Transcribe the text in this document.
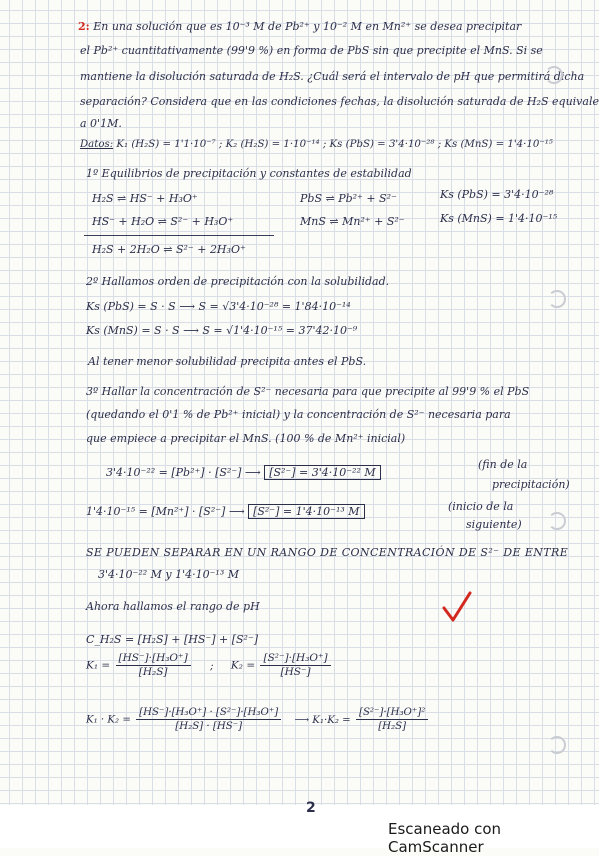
2: En una solución que es 10⁻³ M de Pb²⁺ y 10⁻² M en Mn²⁺ se desea precipitar
el Pb²⁺ cuantitativamente (99'9 %) en forma de PbS sin que precipite el MnS. Si se
mantiene la disolución saturada de H₂S. ¿Cuál será el intervalo de pH que permitirá dicha
separación? Considera que en las condiciones fechas, la disolución saturada de H₂S equivale
a 0'1M.
Datos: K₁ (H₂S) = 1'1·10⁻⁷ ; K₂ (H₂S) = 1·10⁻¹⁴ ; Ks (PbS) = 3'4·10⁻²⁸ ; Ks (MnS) = 1'4·10⁻¹⁵
1º Equilibrios de precipitación y constantes de estabilidad
H₂S ⇌ HS⁻ + H₃O⁺
HS⁻ + H₂O ⇌ S²⁻ + H₃O⁺
H₂S + 2H₂O ⇌ S²⁻ + 2H₃O⁺
PbS ⇌ Pb²⁺ + S²⁻
MnS ⇌ Mn²⁺ + S²⁻
Ks (PbS) = 3'4·10⁻²⁸
Ks (MnS) = 1'4·10⁻¹⁵
2º Hallamos orden de precipitación con la solubilidad.
Ks (PbS) = S · S ⟶ S = √3'4·10⁻²⁸ = 1'84·10⁻¹⁴
Ks (MnS) = S · S ⟶ S = √1'4·10⁻¹⁵ = 37'42·10⁻⁹
Al tener menor solubilidad precipita antes el PbS.
3º Hallar la concentración de S²⁻ necesaria para que precipite al 99'9 % el PbS
(quedando el 0'1 % de Pb²⁺ inicial) y la concentración de S²⁻ necesaria para
que empiece a precipitar el MnS. (100 % de Mn²⁺ inicial)
3'4·10⁻²² = [Pb²⁺] · [S²⁻] ⟶ [S²⁻] = 3'4·10⁻²² M
(fin de la
precipitación)
1'4·10⁻¹⁵ = [Mn²⁺] · [S²⁻] ⟶ [S²⁻] = 1'4·10⁻¹³ M	(inicio de la
siguiente)
SE PUEDEN SEPARAR EN UN RANGO DE CONCENTRACIÓN DE S²⁻ DE ENTRE
3'4·10⁻²² M y 1'4·10⁻¹³ M
Ahora hallamos el rango de pH
C_H₂S = [H₂S] + [HS⁻] + [S²⁻]
$K_1 = \frac{\text{[HS⁻]·[H₃O⁺]}}{\text{[H₂S]}}$ ; $K_2 = \frac{\text{[S²⁻]·[H₃O⁺]}}{[HS^-]}$
$K_1 \cdot K_2 = \frac{\text{[HS⁻]·[H₃O⁺] · [S²⁻]·[H₃O⁺]}}{\text{[H₂S] · [HS⁻]}}$ ⟶ $K_1\cdot K_2 = \frac{\text{[S²⁻]·[H₃O⁺]²}}{\text{[H₂S]}}$
2
Escaneado con CamScanner
